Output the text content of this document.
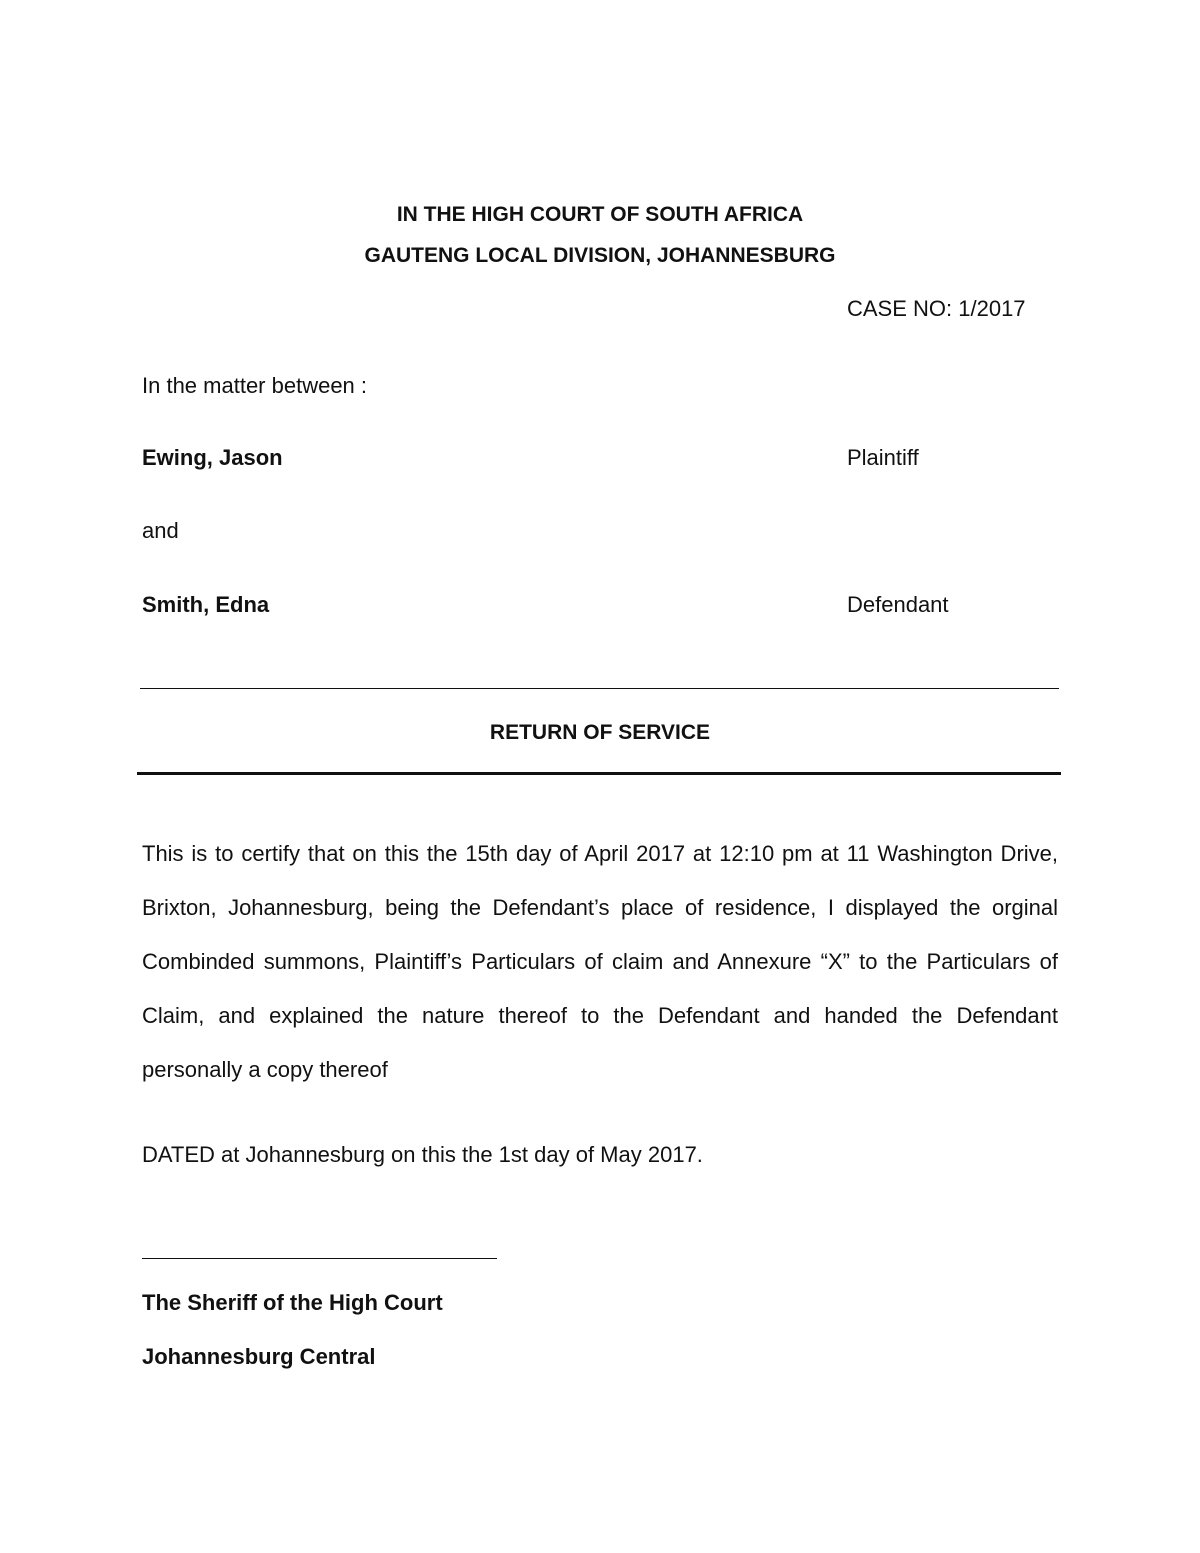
IN THE HIGH COURT OF SOUTH AFRICA
GAUTENG LOCAL DIVISION, JOHANNESBURG
CASE NO: 1/2017
In the matter between :
Ewing, Jason	Plaintiff
and
Smith, Edna	Defendant
RETURN OF SERVICE

This is to certify that on this the 15th day of April 2017 at 12:10 pm at 11 Washington Drive, Brixton, Johannesburg, being the Defendant’s place of residence, I displayed the orginal Combinded summons, Plaintiff’s Particulars of claim and Annexure “X” to the Particulars of Claim, and explained the nature thereof to the Defendant and handed the Defendant personally a copy thereof

DATED at Johannesburg on this the 1st day of May 2017.
The Sheriff of the High Court
Johannesburg Central
